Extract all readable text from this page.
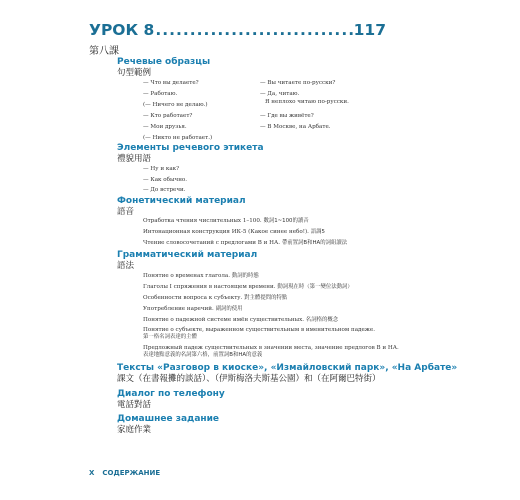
УРОК 8
.....	117
第八課
Речевые образцы
句型範例
— Что вы делаете?
— Работаю.
(— Ничего не делаю.)
— Кто работает?
— Мои друзья.
(— Никто не работает.)
— Вы читаете по-русски?
— Да, читаю.
Я неплохо читаю по-русски.
— Где вы живёте?
— В Москве, на Арбате.
Элементы речевого этикета
禮貌用語
— Ну и как?
— Как обычно.
— До встречи.
Фонетический материал
語音
Отработка чтения числительных 1–100. 數詞1~100的讀音
Интонационная конструкция ИК-5 (Какое синее небо!). 語調5
Чтение словосочетаний с предлогами В и НА. 帶前置詞В和НА的詞組讀法
Грамматический материал
語法
Понятие о временах глагола. 動詞的時態
Глаголы I спряжения в настоящем времени. 動詞現在時（第一變位法動詞）
Особенности вопроса к субъекту. 對主體提問的特點
Употребление наречий. 副詞的使用
Понятие о падежной системе имён существительных. 名詞格的概念
Понятие о субъекте, выраженном существительным в именительном падеже.
第一格名詞表達的主體
Предложный падеж существительных в значении места, значение предлогов В и НА.
表達地點意義的名詞第六格，前置詞В和НА的意義
Тексты «Разговор в киоске», «Измайловский парк», «На Арбате»
課文（在書報攤的談話）、（伊斯梅洛夫斯基公園）和（在阿爾巴特街）
Диалог по телефону
電話對話
Домашнее задание
家庭作業
X СОДЕРЖАНИЕ
